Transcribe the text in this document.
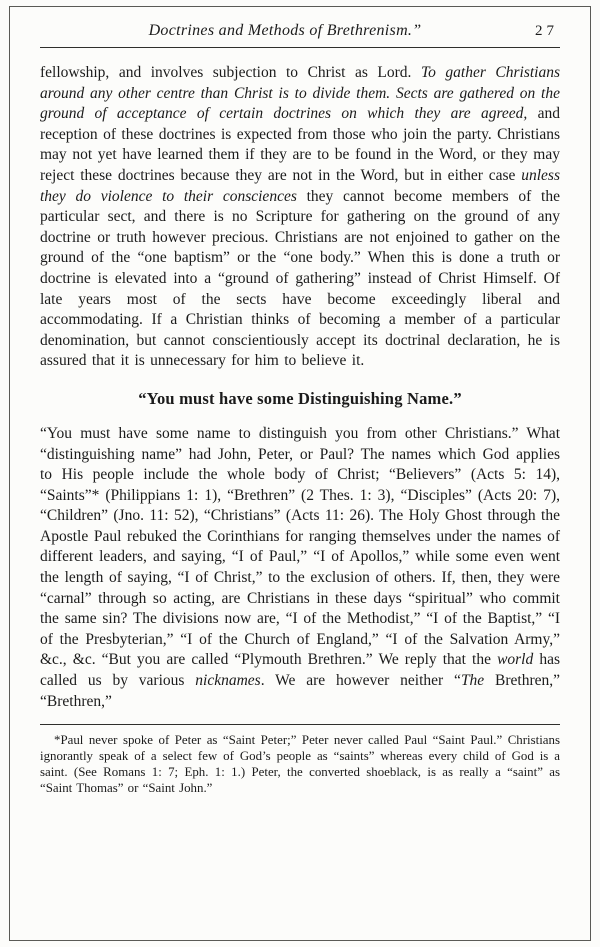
Doctrines and Methods of Brethrenism.”	27

fellowship, and involves subjection to Christ as Lord. To gather Christians around any other centre than Christ is to divide them. Sects are gathered on the ground of acceptance of certain doctrines on which they are agreed, and reception of these doctrines is expected from those who join the party. Christians may not yet have learned them if they are to be found in the Word, or they may reject these doctrines because they are not in the Word, but in either case unless they do violence to their consciences they cannot become members of the particular sect, and there is no Scripture for gathering on the ground of any doctrine or truth however precious. Christians are not enjoined to gather on the ground of the “one baptism” or the “one body.” When this is done a truth or doctrine is elevated into a “ground of gathering” instead of Christ Himself. Of late years most of the sects have become exceedingly liberal and accommodating. If a Christian thinks of becoming a member of a particular denomination, but cannot conscientiously accept its doctrinal declaration, he is assured that it is unnecessary for him to believe it.

“You must have some Distinguishing Name.”

“You must have some name to distinguish you from other Christians.” What “distinguishing name” had John, Peter, or Paul? The names which God applies to His people include the whole body of Christ; “Believers” (Acts 5: 14), “Saints”* (Philippians 1: 1), “Brethren” (2 Thes. 1: 3), “Disciples” (Acts 20: 7), “Children” (Jno. 11: 52), “Christians” (Acts 11: 26). The Holy Ghost through the Apostle Paul rebuked the Corinthians for ranging themselves under the names of different leaders, and saying, “I of Paul,” “I of Apollos,” while some even went the length of saying, “I of Christ,” to the exclusion of others. If, then, they were “carnal” through so acting, are Christians in these days “spiritual” who commit the same sin? The divisions now are, “I of the Methodist,” “I of the Baptist,” “I of the Presbyterian,” “I of the Church of England,” “I of the Salvation Army,” &c., &c. “But you are called “Plymouth Brethren.” We reply that the world has called us by various nicknames. We are however neither “The Brethren,” “Brethren,”

*Paul never spoke of Peter as “Saint Peter;” Peter never called Paul “Saint Paul.” Christians ignorantly speak of a select few of God’s people as “saints” whereas every child of God is a saint. (See Romans 1: 7; Eph. 1: 1.) Peter, the converted shoeblack, is as really a “saint” as “Saint Thomas” or “Saint John.”
